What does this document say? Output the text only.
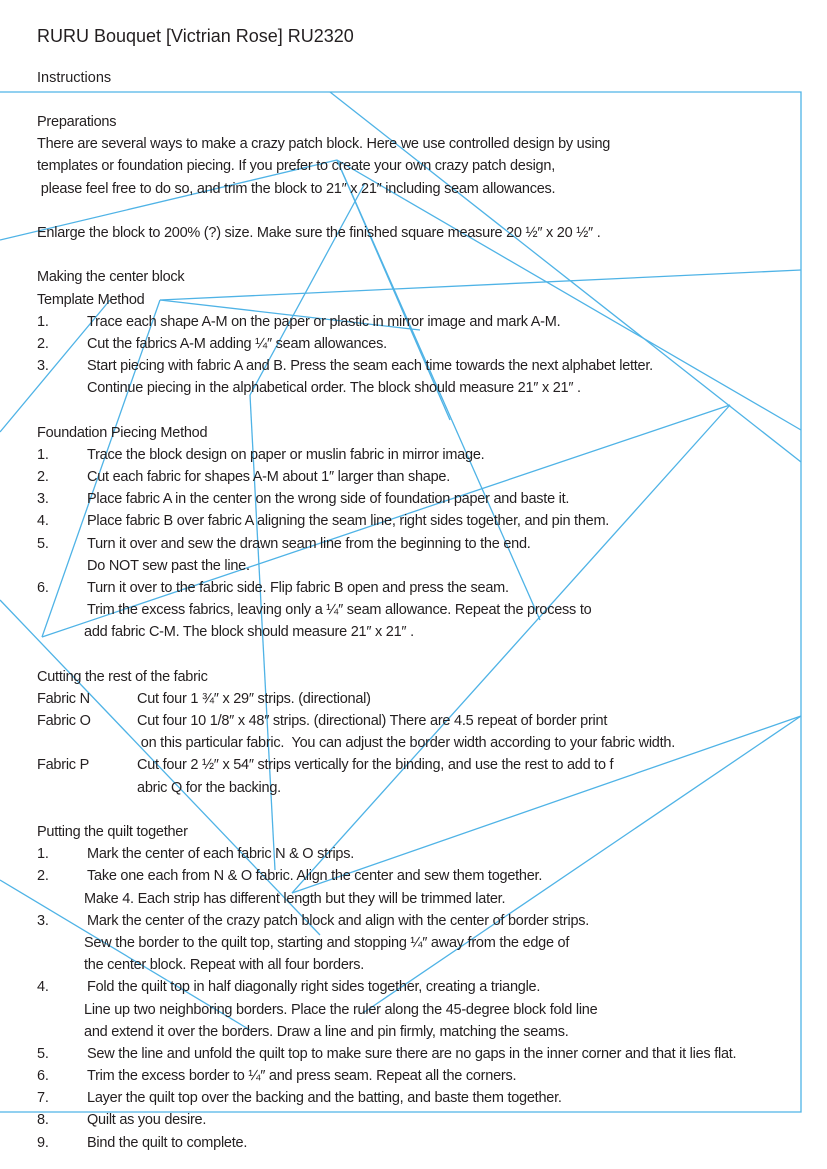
RURU Bouquet [Victrian Rose] RU2320
Instructions
Preparations
There are several ways to make a crazy patch block. Here we use controlled design by using
templates or foundation piecing. If you prefer to create your own crazy patch design,
please feel free to do so, and trim the block to 21″ x 21″ including seam allowances.
Enlarge the block to 200% (?) size. Make sure the finished square measure 20 ½″ x 20 ½″ .
Making the center block
Template Method
1.	Trace each shape A-M on the paper or plastic in mirror image and mark A-M.
2.	Cut the fabrics A-M adding ¼″ seam allowances.
3.	Start piecing with fabric A and B. Press the seam each time towards the next alphabet letter.
Continue piecing in the alphabetical order. The block should measure 21″ x 21″ .
Foundation Piecing Method
1.	Trace the block design on paper or muslin fabric in mirror image.
2.	Cut each fabric for shapes A-M about 1″ larger than shape.
3.	Place fabric A in the center on the wrong side of foundation paper and baste it.
4.	Place fabric B over fabric A aligning the seam line, right sides together, and pin them.
5.	Turn it over and sew the drawn seam line from the beginning to the end.
Do NOT sew past the line.
6.	Turn it over to the fabric side. Flip fabric B open and press the seam.
Trim the excess fabrics, leaving only a ¼″ seam allowance. Repeat the process to
add fabric C-M. The block should measure 21″ x 21″ .
Cutting the rest of the fabric
Fabric N	Cut four 1 ¾″ x 29″ strips. (directional)
Fabric O	Cut four 10 1/8″ x 48″ strips. (directional) There are 4.5 repeat of border print
on this particular fabric.  You can adjust the border width according to your fabric width.
Fabric P	Cut four 2 ½″ x 54″ strips vertically for the binding, and use the rest to add to f
abric Q for the backing.
Putting the quilt together
1.	Mark the center of each fabric N & O strips.
2.	Take one each from N & O fabric. Align the center and sew them together.
Make 4. Each strip has different length but they will be trimmed later.
3.	Mark the center of the crazy patch block and align with the center of border strips.
Sew the border to the quilt top, starting and stopping ¼″ away from the edge of
the center block. Repeat with all four borders.
4.	Fold the quilt top in half diagonally right sides together, creating a triangle.
Line up two neighboring borders. Place the ruler along the 45-degree block fold line
and extend it over the borders. Draw a line and pin firmly, matching the seams.
5.	Sew the line and unfold the quilt top to make sure there are no gaps in the inner corner and that it lies flat.
6.	Trim the excess border to ¼″ and press seam. Repeat all the corners.
7.	Layer the quilt top over the backing and the batting, and baste them together.
8.	Quilt as you desire.
9.	Bind the quilt to complete.
